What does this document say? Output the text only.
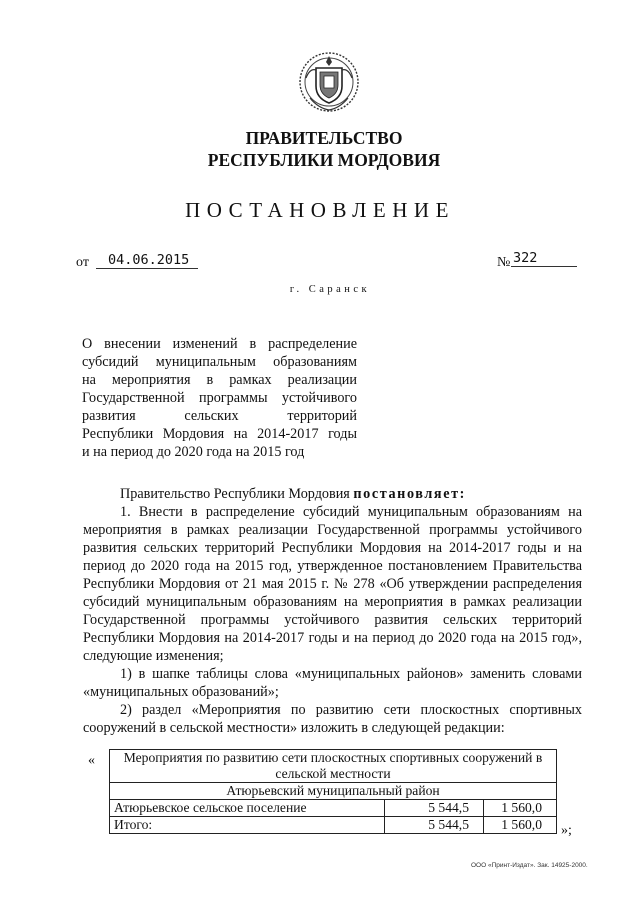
ПРАВИТЕЛЬСТВО
РЕСПУБЛИКИ МОРДОВИЯ
ПОСТАНОВЛЕНИЕ
от	04.06.2015	№ 322
г. Саранск
О внесении изменений в распределение
субсидий муниципальным образованиям
на мероприятия в рамках реализации
Государственной программы устойчивого
развития сельских территорий
Республики Мордовия на 2014-2017 годы
и на период до 2020 года на 2015 год

Правительство Республики Мордовия постановляет:

1. Внести в распределение субсидий муниципальным образованиям на мероприятия в рамках реализации Государственной программы устойчивого развития сельских территорий Республики Мордовия на 2014-2017 годы и на период до 2020 года на 2015 год, утвержденное постановлением Правительства Республики Мордовия от 21 мая 2015 г. № 278 «Об утверждении распределения субсидий муниципальным образованиям на мероприятия в рамках реализации Государственной программы устойчивого развития сельских территорий Республики Мордовия на 2014-2017 годы и на период до 2020 года на 2015 год», следующие изменения;

1) в шапке таблицы слова «муниципальных районов» заменить словами «муниципальных образований»;

2) раздел «Мероприятия по развитию сети плоскостных спортивных сооружений в сельской местности» изложить в следующей редакции:

« Мероприятия по развитию сети плоскостных спортивных сооружений в сельской местности		
Атюрьевский муниципальный район		
Атюрьевское сельское поселение	5 544,5	1 560,0
Итого:	5 544,5	1 560,0 »;
ООО «Принт-Издат». Зак. 14925-2000.
